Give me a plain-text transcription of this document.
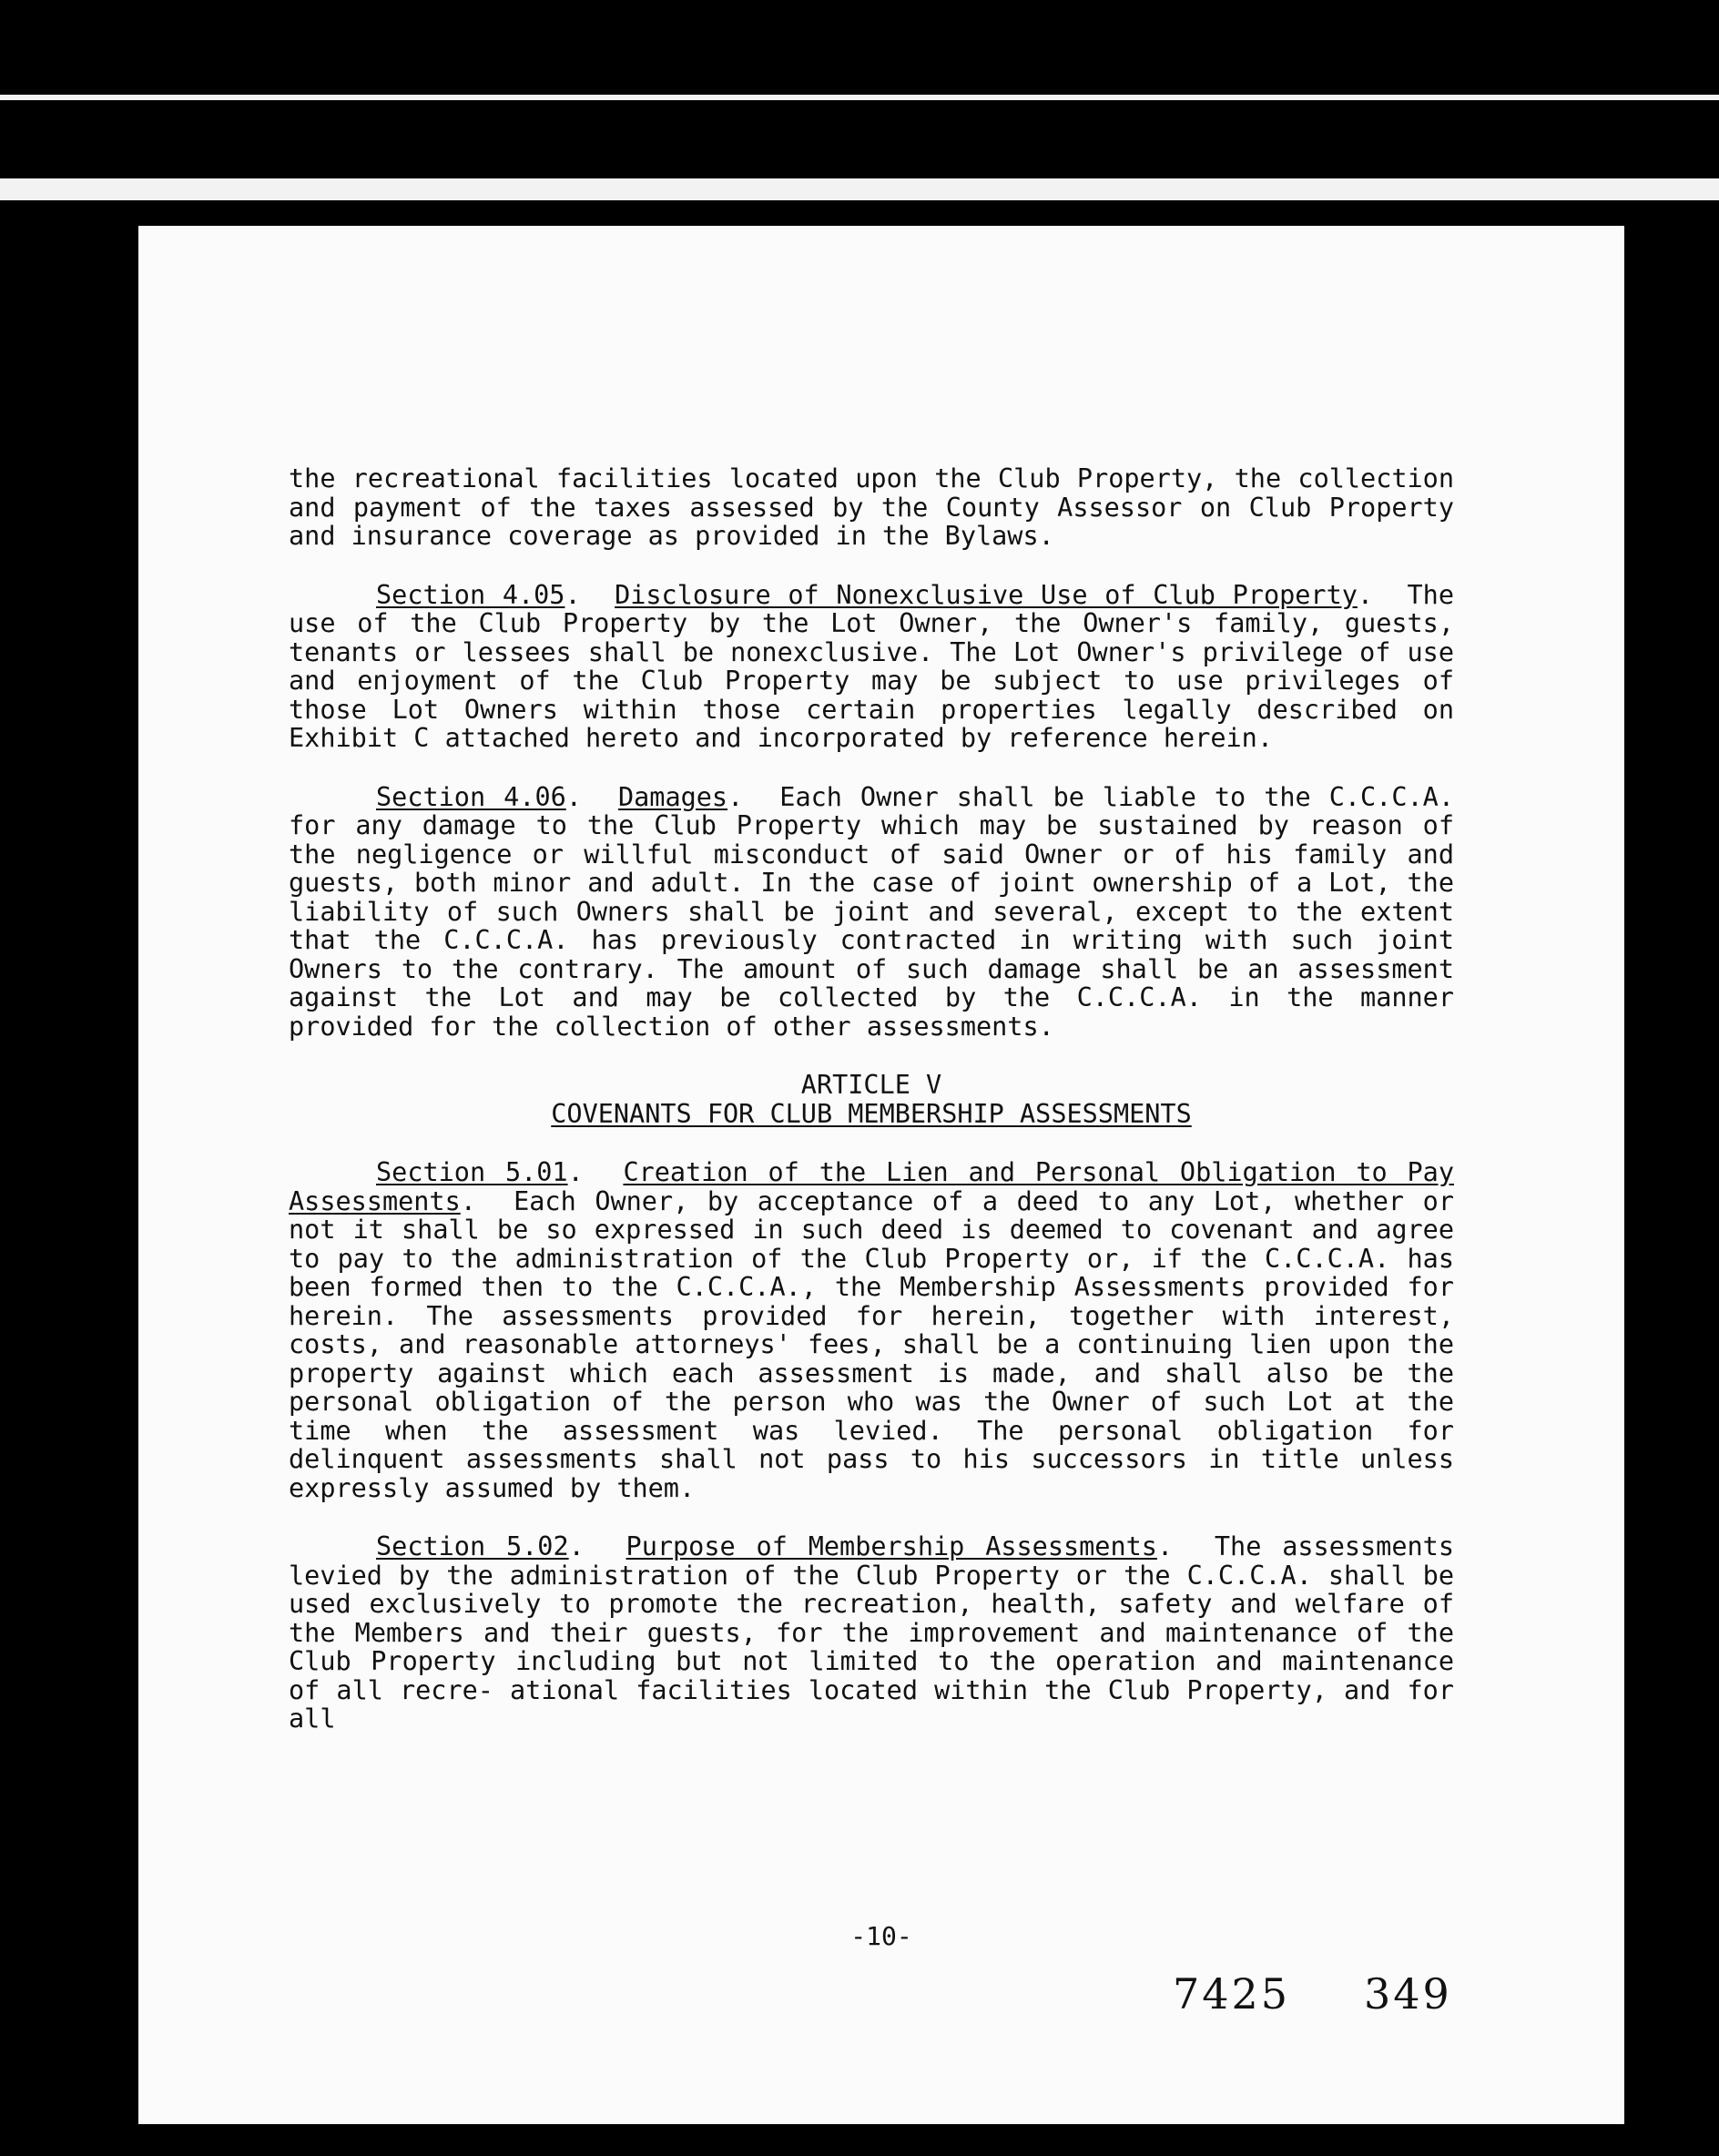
the recreational facilities located upon the Club Property, the collection and payment of the taxes assessed by the County Assessor on Club Property and insurance coverage as provided in the Bylaws.

Section 4.05.  Disclosure of Nonexclusive Use of Club Property.  The use of the Club Property by the Lot Owner, the Owner's family, guests, tenants or lessees shall be nonexclusive. The Lot Owner's privilege of use and enjoyment of the Club Property may be subject to use privileges of those Lot Owners within those certain properties legally described on Exhibit C attached hereto and incorporated by reference herein.

Section 4.06.  Damages.  Each Owner shall be liable to the C.C.C.A. for any damage to the Club Property which may be sustained by reason of the negligence or willful misconduct of said Owner or of his family and guests, both minor and adult. In the case of joint ownership of a Lot, the liability of such Owners shall be joint and several, except to the extent that the C.C.C.A. has previously contracted in writing with such joint Owners to the contrary. The amount of such damage shall be an assessment against the Lot and may be collected by the C.C.C.A. in the manner provided for the collection of other assessments.

ARTICLE V
COVENANTS FOR CLUB MEMBERSHIP ASSESSMENTS

Section 5.01.  Creation of the Lien and Personal Obligation to Pay Assessments.  Each Owner, by acceptance of a deed to any Lot, whether or not it shall be so expressed in such deed is deemed to covenant and agree to pay to the administration of the Club Property or, if the C.C.C.A. has been formed then to the C.C.C.A., the Membership Assessments provided for herein. The assessments provided for herein, together with interest, costs, and reasonable attorneys' fees, shall be a continuing lien upon the property against which each assessment is made, and shall also be the personal obligation of the person who was the Owner of such Lot at the time when the assessment was levied. The personal obligation for delinquent assessments shall not pass to his successors in title unless expressly assumed by them.

Section 5.02.  Purpose of Membership Assessments.  The assessments levied by the administration of the Club Property or the C.C.C.A. shall be used exclusively to promote the recreation, health, safety and welfare of the Members and their guests, for the improvement and maintenance of the Club Property including but not limited to the operation and maintenance of all recre- ational facilities located within the Club Property, and for all

-10-
7425 349
